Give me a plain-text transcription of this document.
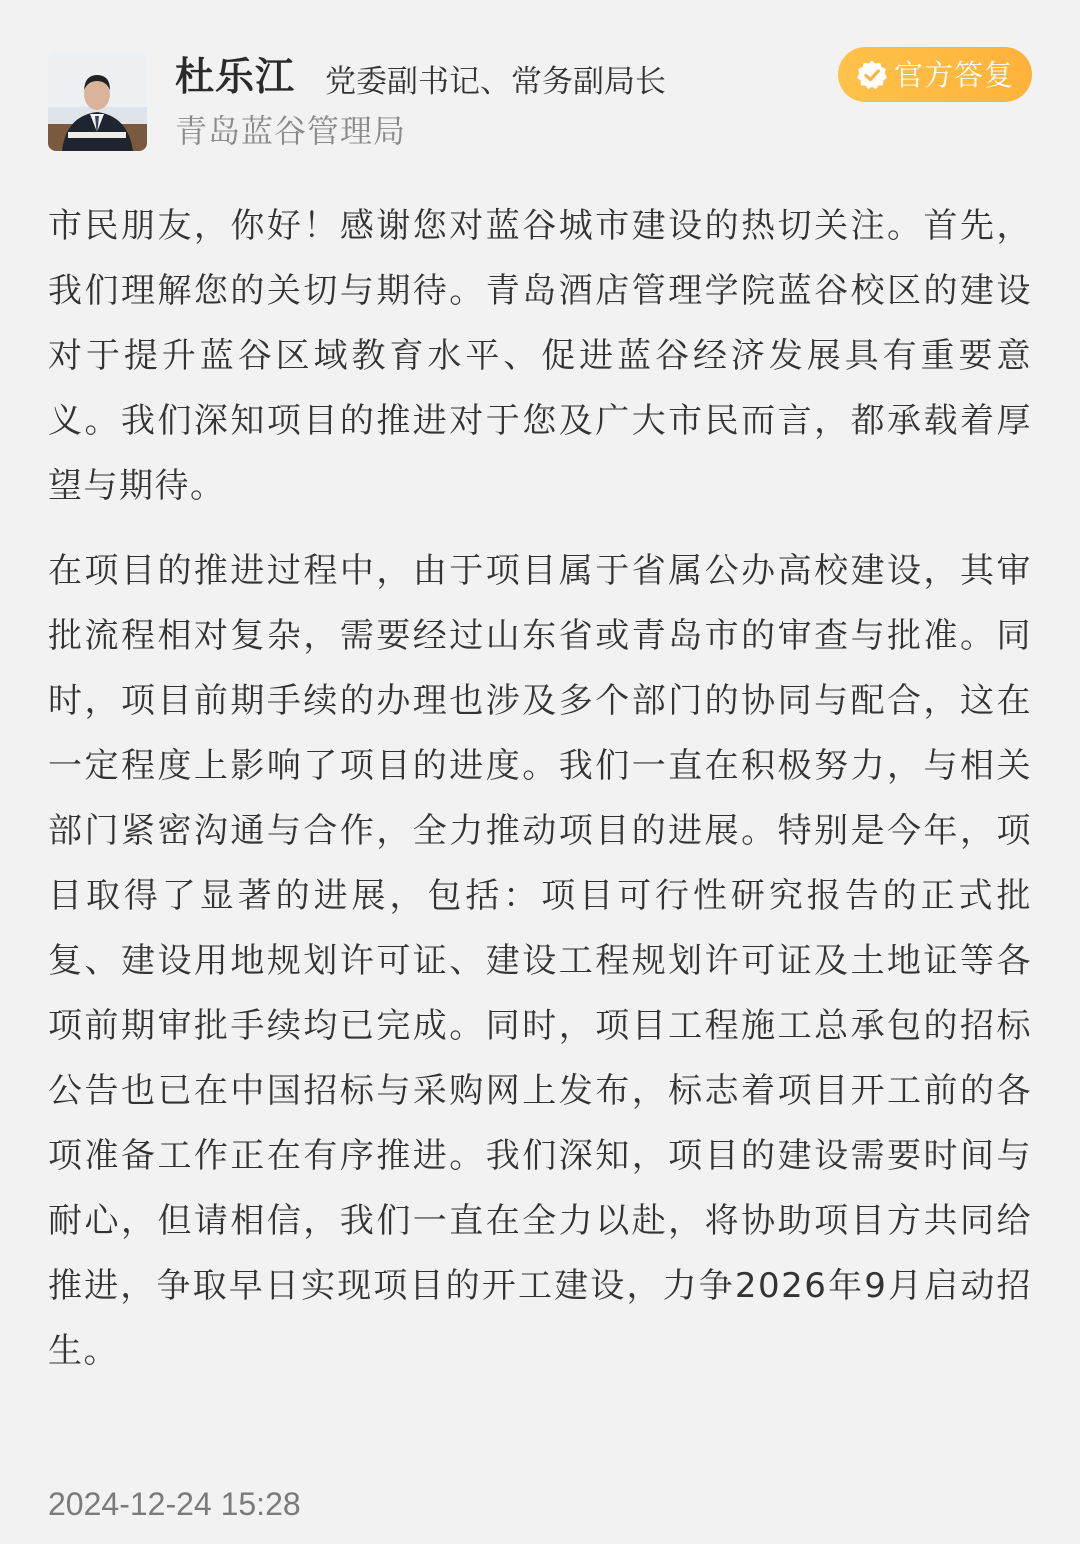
杜乐江 党委副书记、常务副局长
青岛蓝谷管理局
官方答复

市民朋友，你好！感谢您对蓝谷城市建设的热切关注。首先，我们理解您的关切与期待。青岛酒店管理学院蓝谷校区的建设对于提升蓝谷区域教育水平、促进蓝谷经济发展具有重要意义。我们深知项目的推进对于您及广大市民而言，都承载着厚望与期待。

在项目的推进过程中，由于项目属于省属公办高校建设，其审批流程相对复杂，需要经过山东省或青岛市的审查与批准。同时，项目前期手续的办理也涉及多个部门的协同与配合，这在一定程度上影响了项目的进度。我们一直在积极努力，与相关部门紧密沟通与合作，全力推动项目的进展。特别是今年，项目取得了显著的进展，包括：项目可行性研究报告的正式批复、建设用地规划许可证、建设工程规划许可证及土地证等各项前期审批手续均已完成。同时，项目工程施工总承包的招标公告也已在中国招标与采购网上发布，标志着项目开工前的各项准备工作正在有序推进。我们深知，项目的建设需要时间与耐心，但请相信，我们一直在全力以赴，将协助项目方共同给推进，争取早日实现项目的开工建设，力争2026年9月启动招生。

2024-12-24 15:28
